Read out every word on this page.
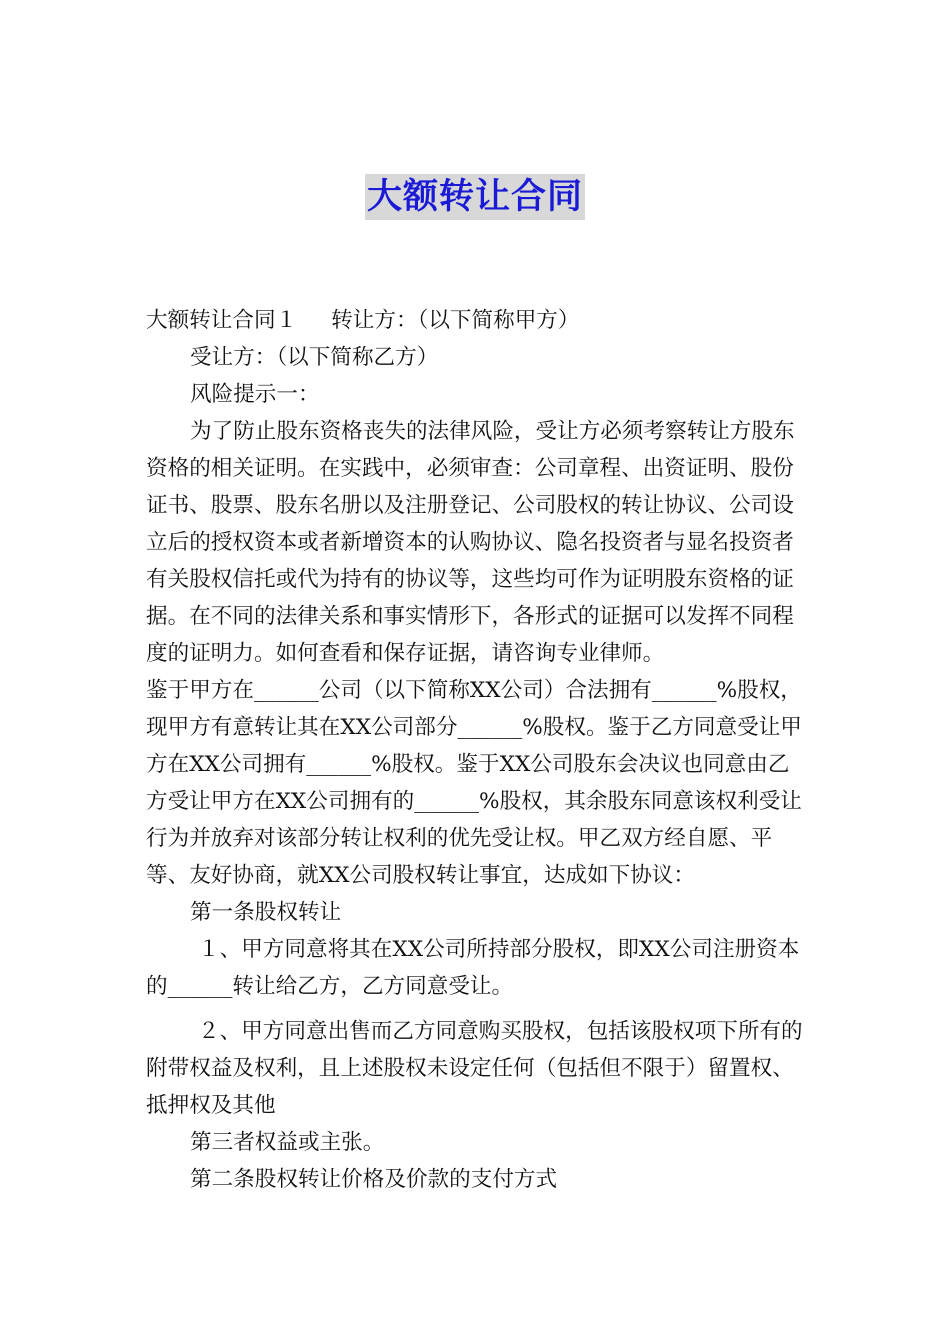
大额转让合同

大额转让合同１ 转让方：（以下简称甲方）

受让方：（以下简称乙方）

风险提示一：

为了防止股东资格丧失的法律风险，受让方必须考察转让方股东资格的相关证明。在实践中，必须审查：公司章程、出资证明、股份证书、股票、股东名册以及注册登记、公司股权的转让协议、公司设立后的授权资本或者新增资本的认购协议、隐名投资者与显名投资者有关股权信托或代为持有的协议等，这些均可作为证明股东资格的证据。在不同的法律关系和事实情形下，各形式的证据可以发挥不同程度的证明力。如何查看和保存证据，请咨询专业律师。

鉴于甲方在______公司（以下简称XX公司）合法拥有______%股权，现甲方有意转让其在XX公司部分______%股权。鉴于乙方同意受让甲方在XX公司拥有______%股权。鉴于XX公司股东会决议也同意由乙方受让甲方在XX公司拥有的______%股权，其余股东同意该权利受让行为并放弃对该部分转让权利的优先受让权。甲乙双方经自愿、平等、友好协商，就XX公司股权转让事宜，达成如下协议：

第一条股权转让

１、甲方同意将其在XX公司所持部分股权，即XX公司注册资本的______转让给乙方，乙方同意受让。

２、甲方同意出售而乙方同意购买股权，包括该股权项下所有的附带权益及权利，且上述股权未设定任何（包括但不限于）留置权、抵押权及其他

第三者权益或主张。

第二条股权转让价格及价款的支付方式
